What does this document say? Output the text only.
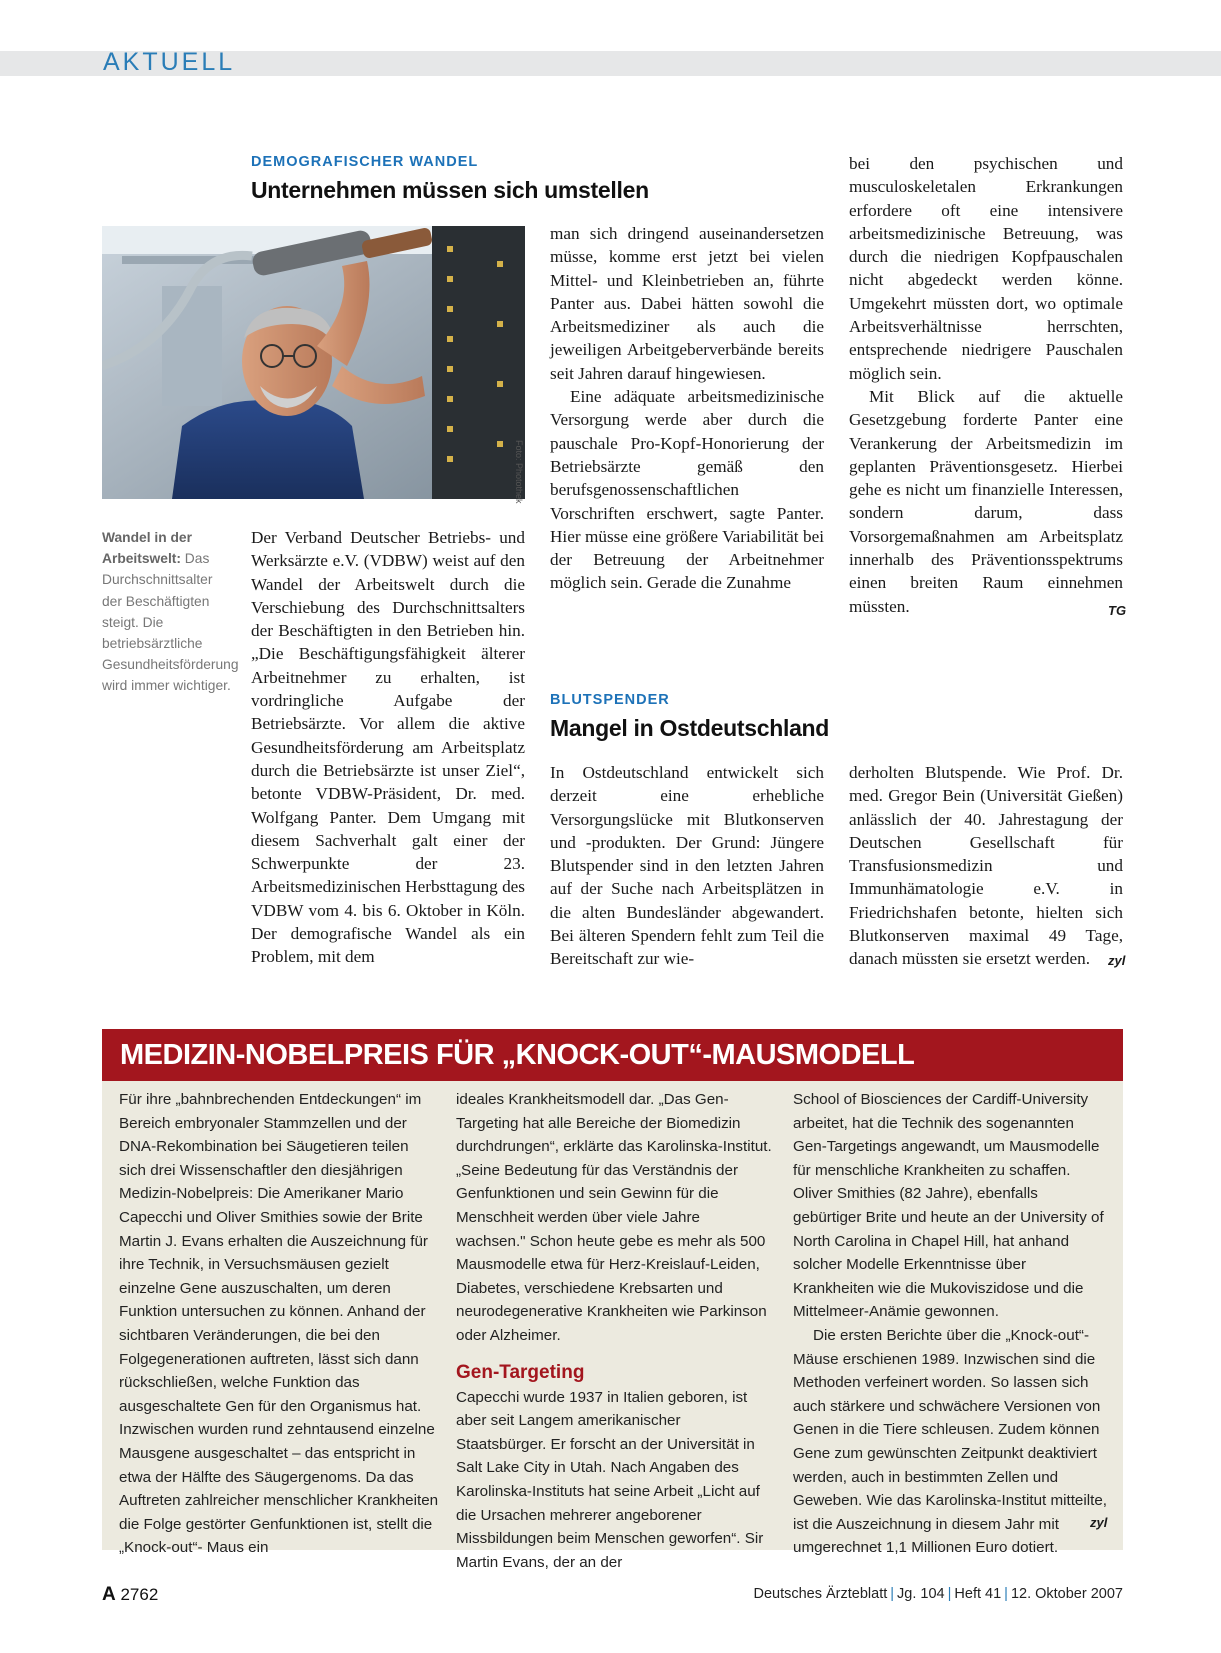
AKTUELL
DEMOGRAFISCHER WANDEL
Unternehmen müssen sich umstellen
Foto: Photothek
Wandel in der Arbeitswelt: Das Durchschnittsalter der Beschäftigten steigt. Die betriebsärztliche Gesundheitsförderung wird immer wichtiger.

Der Verband Deutscher Betriebs- und Werksärzte e.V. (VDBW) weist auf den Wandel der Arbeitswelt durch die Verschiebung des Durchschnittsalters der Beschäftigten in den Betrieben hin. „Die Beschäftigungsfähigkeit älterer Arbeitnehmer zu erhalten, ist vordringliche Aufgabe der Betriebsärzte. Vor allem die aktive Gesundheitsförderung am Arbeitsplatz durch die Betriebsärzte ist unser Ziel“, betonte VDBW-Präsident, Dr. med. Wolfgang Panter. Dem Umgang mit diesem Sachverhalt galt einer der Schwerpunkte der 23. Arbeitsmedizinischen Herbsttagung des VDBW vom 4. bis 6. Oktober in Köln. Der demografische Wandel als ein Problem, mit dem

man sich dringend auseinandersetzen müsse, komme erst jetzt bei vielen Mittel- und Kleinbetrieben an, führte Panter aus. Dabei hätten sowohl die Arbeitsmediziner als auch die jeweiligen Arbeitgeberverbände bereits seit Jahren darauf hingewiesen.

Eine adäquate arbeitsmedizinische Versorgung werde aber durch die pauschale Pro-Kopf-Honorierung der Betriebsärzte gemäß den berufsgenossenschaftlichen Vorschriften erschwert, sagte Panter. Hier müsse eine größere Variabilität bei der Betreuung der Arbeitnehmer möglich sein. Gerade die Zunahme

bei den psychischen und musculoskeletalen Erkrankungen erfordere oft eine intensivere arbeitsmedizinische Betreuung, was durch die niedrigen Kopfpauschalen nicht abgedeckt werden könne. Umgekehrt müssten dort, wo optimale Arbeitsverhältnisse herrschten, entsprechende niedrigere Pauschalen möglich sein.

Mit Blick auf die aktuelle Gesetzgebung forderte Panter eine Verankerung der Arbeitsmedizin im geplanten Präventionsgesetz. Hierbei gehe es nicht um finanzielle Interessen, sondern darum, dass Vorsorgemaßnahmen am Arbeitsplatz innerhalb des Präventionsspektrums einen breiten Raum einnehmen müssten.	TG
BLUTSPENDER
Mangel in Ostdeutschland

In Ostdeutschland entwickelt sich derzeit eine erhebliche Versorgungslücke mit Blutkonserven und -produkten. Der Grund: Jüngere Blutspender sind in den letzten Jahren auf der Suche nach Arbeitsplätzen in die alten Bundesländer abgewandert. Bei älteren Spendern fehlt zum Teil die Bereitschaft zur wie-

derholten Blutspende. Wie Prof. Dr. med. Gregor Bein (Universität Gießen) anlässlich der 40. Jahrestagung der Deutschen Gesellschaft für Transfusionsmedizin und Immunhämatologie e.V. in Friedrichshafen betonte, hielten sich Blutkonserven maximal 49 Tage, danach müssten sie ersetzt werden.	zyl
MEDIZIN-NOBELPREIS FÜR „KNOCK-OUT“-MAUSMODELL

Für ihre „bahnbrechenden Entdeckungen“ im Bereich embryonaler Stammzellen und der DNA-Rekombination bei Säugetieren teilen sich drei Wissenschaftler den diesjährigen Medizin-Nobelpreis: Die Amerikaner Mario Capecchi und Oliver Smithies sowie der Brite Martin J. Evans erhalten die Auszeichnung für ihre Technik, in Versuchsmäusen gezielt einzelne Gene auszuschalten, um deren Funktion untersuchen zu können. Anhand der sichtbaren Veränderungen, die bei den Folgegenerationen auftreten, lässt sich dann rückschließen, welche Funktion das ausgeschaltete Gen für den Organismus hat. Inzwischen wurden rund zehntausend einzelne Mausgene ausgeschaltet – das entspricht in etwa der Hälfte des Säugergenoms. Da das Auftreten zahlreicher menschlicher Krankheiten die Folge gestörter Genfunktionen ist, stellt die „Knock-out“- Maus ein

ideales Krankheitsmodell dar. „Das Gen-Targeting hat alle Bereiche der Biomedizin durchdrungen“, erklärte das Karolinska-Institut. „Seine Bedeutung für das Verständnis der Genfunktionen und sein Gewinn für die Menschheit werden über viele Jahre wachsen." Schon heute gebe es mehr als 500 Mausmodelle etwa für Herz-Kreislauf-Leiden, Diabetes, verschiedene Krebsarten und neurodegenerative Krankheiten wie Parkinson oder Alzheimer.

Gen-Targeting

Capecchi wurde 1937 in Italien geboren, ist aber seit Langem amerikanischer Staatsbürger. Er forscht an der Universität in Salt Lake City in Utah. Nach Angaben des Karolinska-Instituts hat seine Arbeit „Licht auf die Ursachen mehrerer angeborener Missbildungen beim Menschen geworfen“. Sir Martin Evans, der an der

School of Biosciences der Cardiff-University arbeitet, hat die Technik des sogenannten Gen-Targetings angewandt, um Mausmodelle für menschliche Krankheiten zu schaffen. Oliver Smithies (82 Jahre), ebenfalls gebürtiger Brite und heute an der University of North Carolina in Chapel Hill, hat anhand solcher Modelle Erkenntnisse über Krankheiten wie die Mukoviszidose und die Mittelmeer-Anämie gewonnen.

Die ersten Berichte über die „Knock-out“-Mäuse erschienen 1989. Inzwischen sind die Methoden verfeinert worden. So lassen sich auch stärkere und schwächere Versionen von Genen in die Tiere schleusen. Zudem können Gene zum gewünschten Zeitpunkt deaktiviert werden, auch in bestimmten Zellen und Geweben. Wie das Karolinska-Institut mitteilte, ist die Auszeichnung in diesem Jahr mit umgerechnet 1,1 Millionen Euro dotiert.

zyl
A 2762	Deutsches Ärzteblatt | Jg. 104 | Heft 41 | 12. Oktober 2007
